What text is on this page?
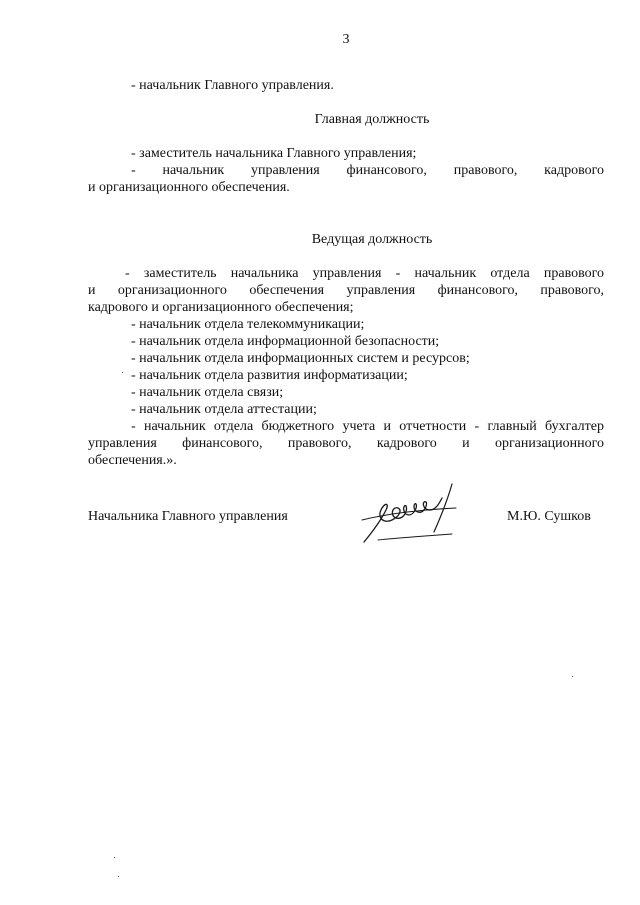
3
- начальник Главного управления.
Главная должность
- заместитель начальника Главного управления;
- начальник управления финансового, правового, кадрового
и организационного обеспечения.
Ведущая должность
- заместитель начальника управления - начальник отдела правового
и организационного обеспечения управления финансового, правового,
кадрового и организационного обеспечения;
- начальник отдела телекоммуникации;
- начальник отдела информационной безопасности;
- начальник отдела информационных систем и ресурсов;
- начальник отдела развития информатизации;
- начальник отдела связи;
- начальник отдела аттестации;
- начальник отдела бюджетного учета и отчетности - главный бухгалтер
управления финансового, правового, кадрового и организационного
обеспечения.».
Начальника Главного управления	М.Ю. Сушков
